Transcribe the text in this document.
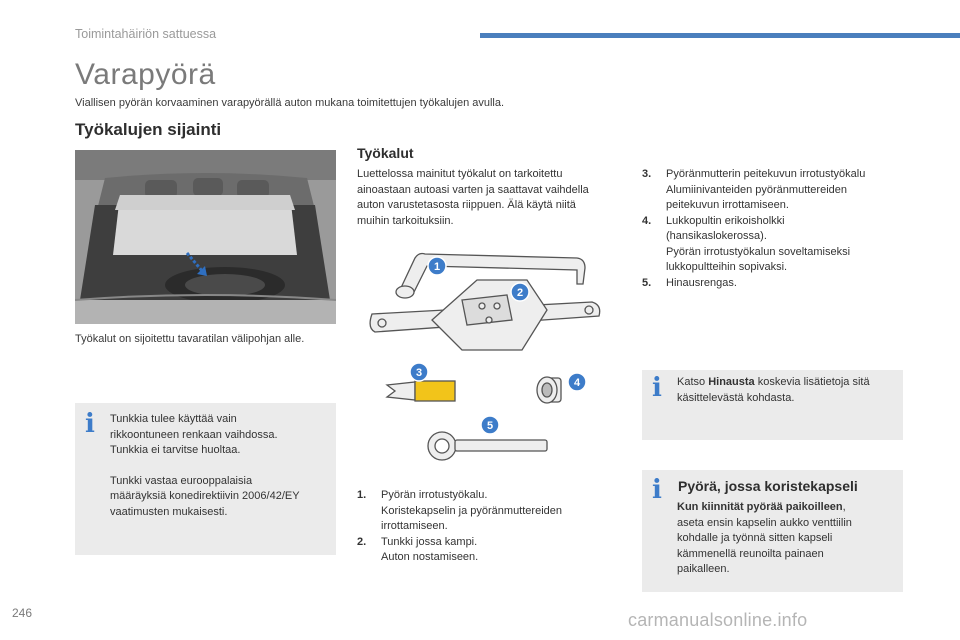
Toimintahäiriön sattuessa
Varapyörä
Viallisen pyörän korvaaminen varapyörällä auton mukana toimitettujen työkalujen avulla.
Työkalujen sijainti
Työkalut on sijoitettu tavaratilan välipohjan alle.
i Tunkkia tulee käyttää vain
rikkoontuneen renkaan vaihdossa.
Tunkkia ei tarvitse huoltaa.
Tunkki vastaa eurooppalaisia
määräyksiä konedirektiivin 2006/42/EY
vaatimusten mukaisesti.
Työkalut
Luettelossa mainitut työkalut on tarkoitettu
ainoastaan autoasi varten ja saattavat vaihdella
auton varustetasosta riippuen. Älä käytä niitä
muihin tarkoituksiin.
1
2
3
4
5
1. Pyörän irrotustyökalu.
Koristekapselin ja pyöränmuttereiden
irrottamiseen.
2. Tunkki jossa kampi.
Auton nostamiseen.
3. Pyöränmutterin peitekuvun irrotustyökalu
Alumiinivanteiden pyöränmuttereiden
peitekuvun irrottamiseen.
4. Lukkopultin erikoisholkki
(hansikaslokerossa).
Pyörän irrotustyökalun soveltamiseksi
lukkopultteihin sopivaksi.
5. Hinausrengas.
i Katso Hinausta koskevia lisätietoja sitä
käsittelevästä kohdasta.
i Pyörä, jossa koristekapseli
Kun kiinnität pyörää paikoilleen,
aseta ensin kapselin aukko venttiilin
kohdalle ja työnnä sitten kapseli
kämmenellä reunoilta painaen
paikalleen.
246	carmanualsonline.info
